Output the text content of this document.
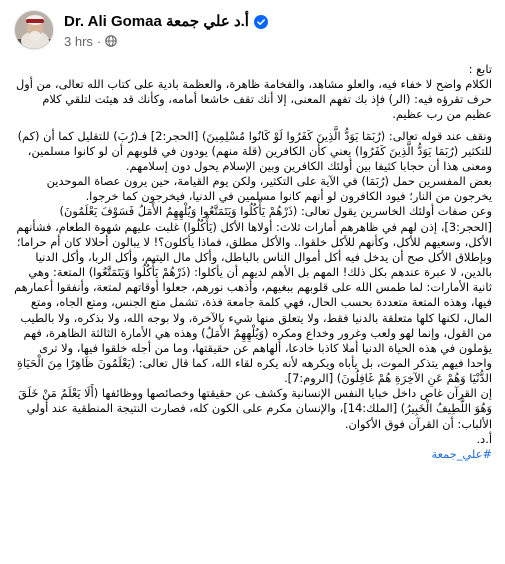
Dr. Ali Gomaa أ.د علي جمعة
3 hrs ·

تابع :

الكلام واضح لا خفاء فيه، والعلو مشاهد، والفخامة ظاهرة، والعظمة بادية على كتاب الله تعالى، من أول حرف تقرؤه فيه: (الر) فإذ بك تفهم المعنى، إلا أنك تقف خاشعا أمامه، وكأنك قد هيئت لتلقي كلام عظيم من رب عظيم.

ونقف عند قوله تعالى: (رُبَمَا يَوَدُّ الَّذِينَ كَفَرُوا لَوْ كَانُوا مُسْلِمِينَ) [الحجر:2] فـ(رُبَ) للتقليل كما أن (كم) للتكثير (رُبَمَا يَوَدُّ الَّذِينَ كَفَرُوا) يعني كأن الكافرين (قلة منهم) يودون في قلوبهم أن لو كانوا مسلمين، ومعنى هذا أن حجابا كثيفا بين أولئك الكافرين وبين الإسلام يحول دون إسلامهم.

بعض المفسرين حمل (رُبَمَا) في الآية على التكثير، ولكن يوم القيامة، حين يرون عصاة الموحدين يخرجون من النار؛ فيود الكافرون لو أنهم كانوا مسلمين في الدنيا، فيخرجون كما خرجوا.

وعن صفات أولئك الخاسرين يقول تعالى: (ذَرْهُمْ يَأْكُلُوا وَيَتَمَتَّعُوا وَيُلْهِهِمُ الأَمَلُ فَسَوْفَ يَعْلَمُونَ) [الحجر:3]، إذن لهم في ظاهرهم أمارات ثلاث: أولاها الأكل (يَأْكُلُوا) غلبت عليهم شهوة الطعام، فشأنهم الأكل، وسعيهم للأكل، وكأنهم للأكل خلقوا.. والأكل مطلق، فماذا يأكلون؟! لا يبالون أحلالا كان أم حراما؛ وبإطلاق الأكل صح أن يدخل فيه أكل أموال الناس بالباطل، وأكل مال اليتيم، وأكل الربا، وأكل الدنيا بالدين، لا عبرة عندهم بكل ذلك! المهم بل الأهم لديهم أن يأكلوا: (ذَرْهُمْ يَأْكُلُوا وَيَتَمَتَّعُوا) المتعة: وهي ثانية الأمارات: لما طمس الله على قلوبهم ببغيهم، وأذهب نورهم، جعلوا أوقاتهم لمتعة، وأنفقوا أعمارهم فيها، وهذه المتعة متعددة بحسب الحال، فهي كلمة جامعة فذة، تشمل متع الجنس، ومتع الجاه، ومتع المال، لكنها كلها متعلقة بالدنيا فقط، ولا يتعلق منها شيء بالآخرة، ولا بوجه الله، ولا بذكره، ولا بالطيب من القول، وإنما لهو ولعب وغرور وخداع ومكره (وَيُلْهِهِمُ الأَمَلُ) وهذه هي الأمارة الثالثة الظاهرة، فهم يؤملون في هذه الحياة الدنيا أملا كاذبا خادعا، ألهاهم عن حقيقتها، وما من أجله خلقوا فيها، ولا ترى واحدا فيهم يتذكر الموت، بل يأباه ويكرهه لأنه يكره لقاء الله، كما قال تعالى: (يَعْلَمُونَ ظَاهِرًا مِنَ الْحَيَاةِ الدُّنْيَا وَهُمْ عَنِ الآخِرَةِ هُمْ غَافِلُونَ) [الروم:7].

إن القرآن غاص داخل خبايا النفس الإنسانية وكشف عن حقيقتها وخصائصها ووظائفها (أَلَا يَعْلَمُ مَنْ خَلَقَ وَهُوَ اللَّطِيفُ الْخَبِيرُ) [الملك:14]، والإنسان مكرم على الكون كله، فصارت النتيجة المنطقية عند أولي الألباب: أن القرآن فوق الأكوان.

أ.د.

#علي_جمعة
